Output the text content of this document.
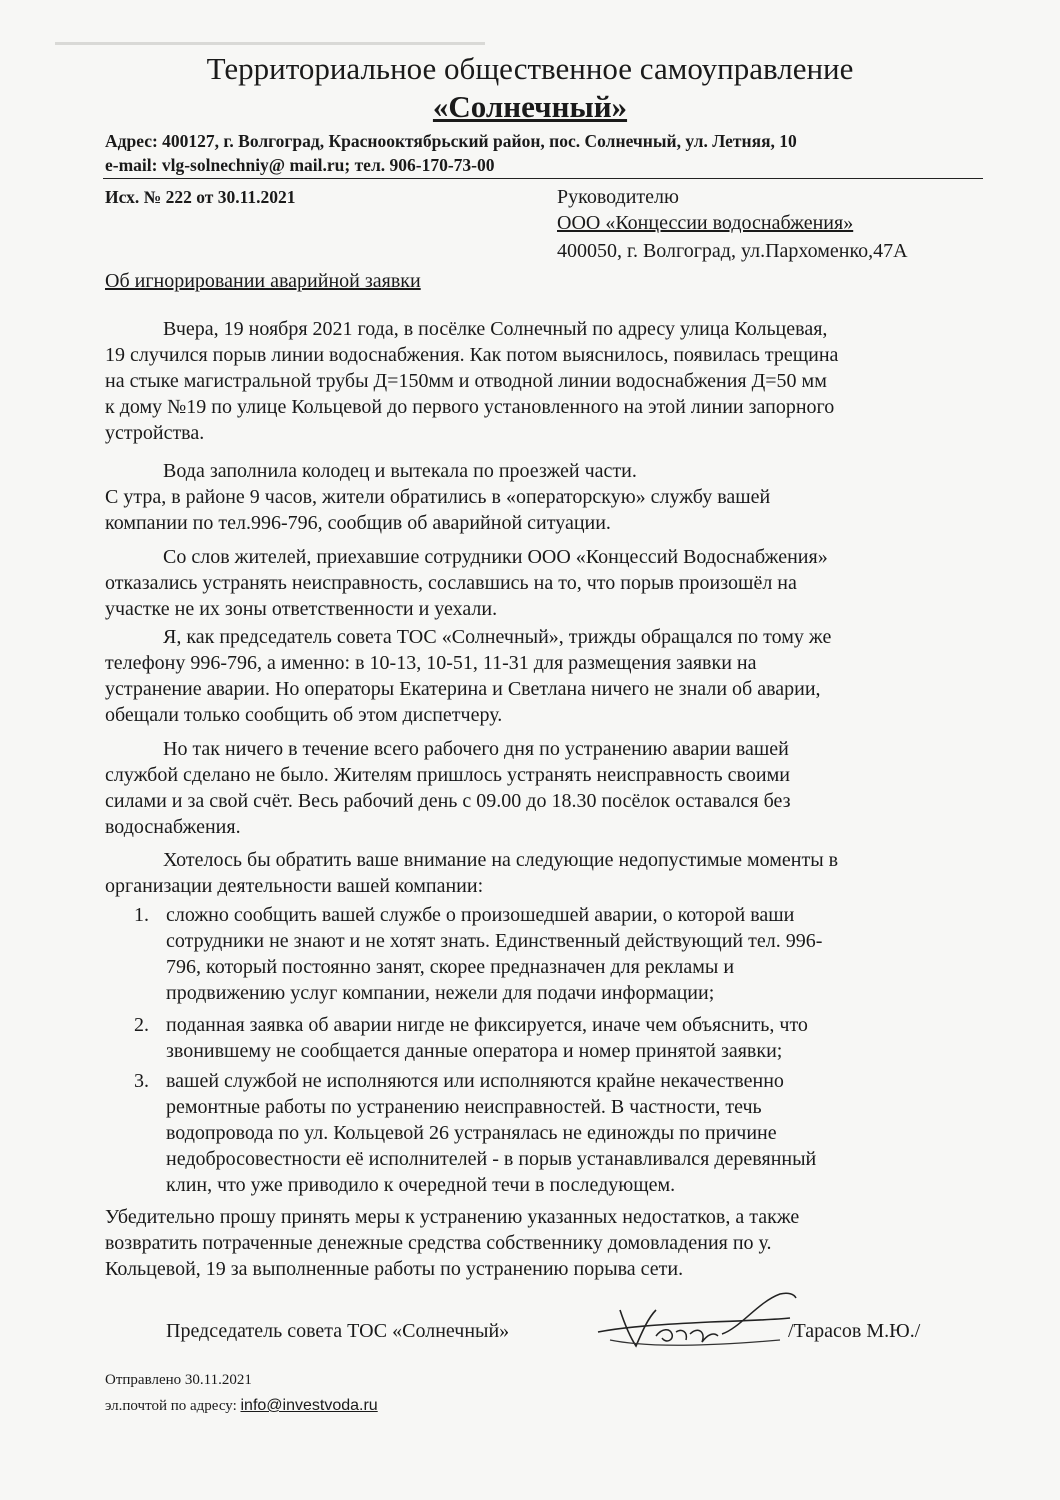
Территориальное общественное самоуправление
«Солнечный»
Адрес: 400127, г. Волгоград, Краснооктябрьский район, пос. Солнечный, ул. Летняя, 10
e-mail: vlg-solnechniy@ mail.ru; тел. 906-170-73-00
Исх. № 222 от 30.11.2021	Руководителю
ООО «Концессии водоснабжения»
400050, г. Волгоград, ул.Пархоменко,47А
Об игнорировании аварийной заявки
Вчера, 19 ноября 2021 года, в посёлке Солнечный по адресу улица Кольцевая,
19 случился порыв линии водоснабжения. Как потом выяснилось, появилась трещина
на стыке магистральной трубы Д=150мм и отводной линии водоснабжения Д=50 мм
к дому №19 по улице Кольцевой до первого установленного на этой линии запорного
устройства.
Вода заполнила колодец и вытекала по проезжей части.
С утра, в районе 9 часов, жители обратились в «операторскую» службу вашей
компании по тел.996-796, сообщив об аварийной ситуации.
Со слов жителей, приехавшие сотрудники ООО «Концессий Водоснабжения»
отказались устранять неисправность, сославшись на то, что порыв произошёл на
участке не их зоны ответственности и уехали.
Я, как председатель совета ТОС «Солнечный», трижды обращался по тому же
телефону 996-796, а именно: в 10-13, 10-51, 11-31 для размещения заявки на
устранение аварии. Но операторы Екатерина и Светлана ничего не знали об аварии,
обещали только сообщить об этом диспетчеру.
Но так ничего в течение всего рабочего дня по устранению аварии вашей
службой сделано не было. Жителям пришлось устранять неисправность своими
силами и за свой счёт. Весь рабочий день с 09.00 до 18.30 посёлок оставался без
водоснабжения.
Хотелось бы обратить ваше внимание на следующие недопустимые моменты в
организации деятельности вашей компании:
1. сложно сообщить вашей службе о произошедшей аварии, о которой ваши
сотрудники не знают и не хотят знать. Единственный действующий тел. 996-
796, который постоянно занят, скорее предназначен для рекламы и
продвижению услуг компании, нежели для подачи информации;
2. поданная заявка об аварии нигде не фиксируется, иначе чем объяснить, что
звонившему не сообщается данные оператора и номер принятой заявки;
3. вашей службой не исполняются или исполняются крайне некачественно
ремонтные работы по устранению неисправностей. В частности, течь
водопровода по ул. Кольцевой 26 устранялась не единожды по причине
недобросовестности её исполнителей - в порыв устанавливался деревянный
клин, что уже приводило к очередной течи в последующем.
Убедительно прошу принять меры к устранению указанных недостатков, а также
возвратить потраченные денежные средства собственнику домовладения по у.
Кольцевой, 19 за выполненные работы по устранению порыва сети.
Председатель совета ТОС «Солнечный»	/Тарасов М.Ю./
Отправлено 30.11.2021
эл.почтой по адресу: info@investvoda.ru
